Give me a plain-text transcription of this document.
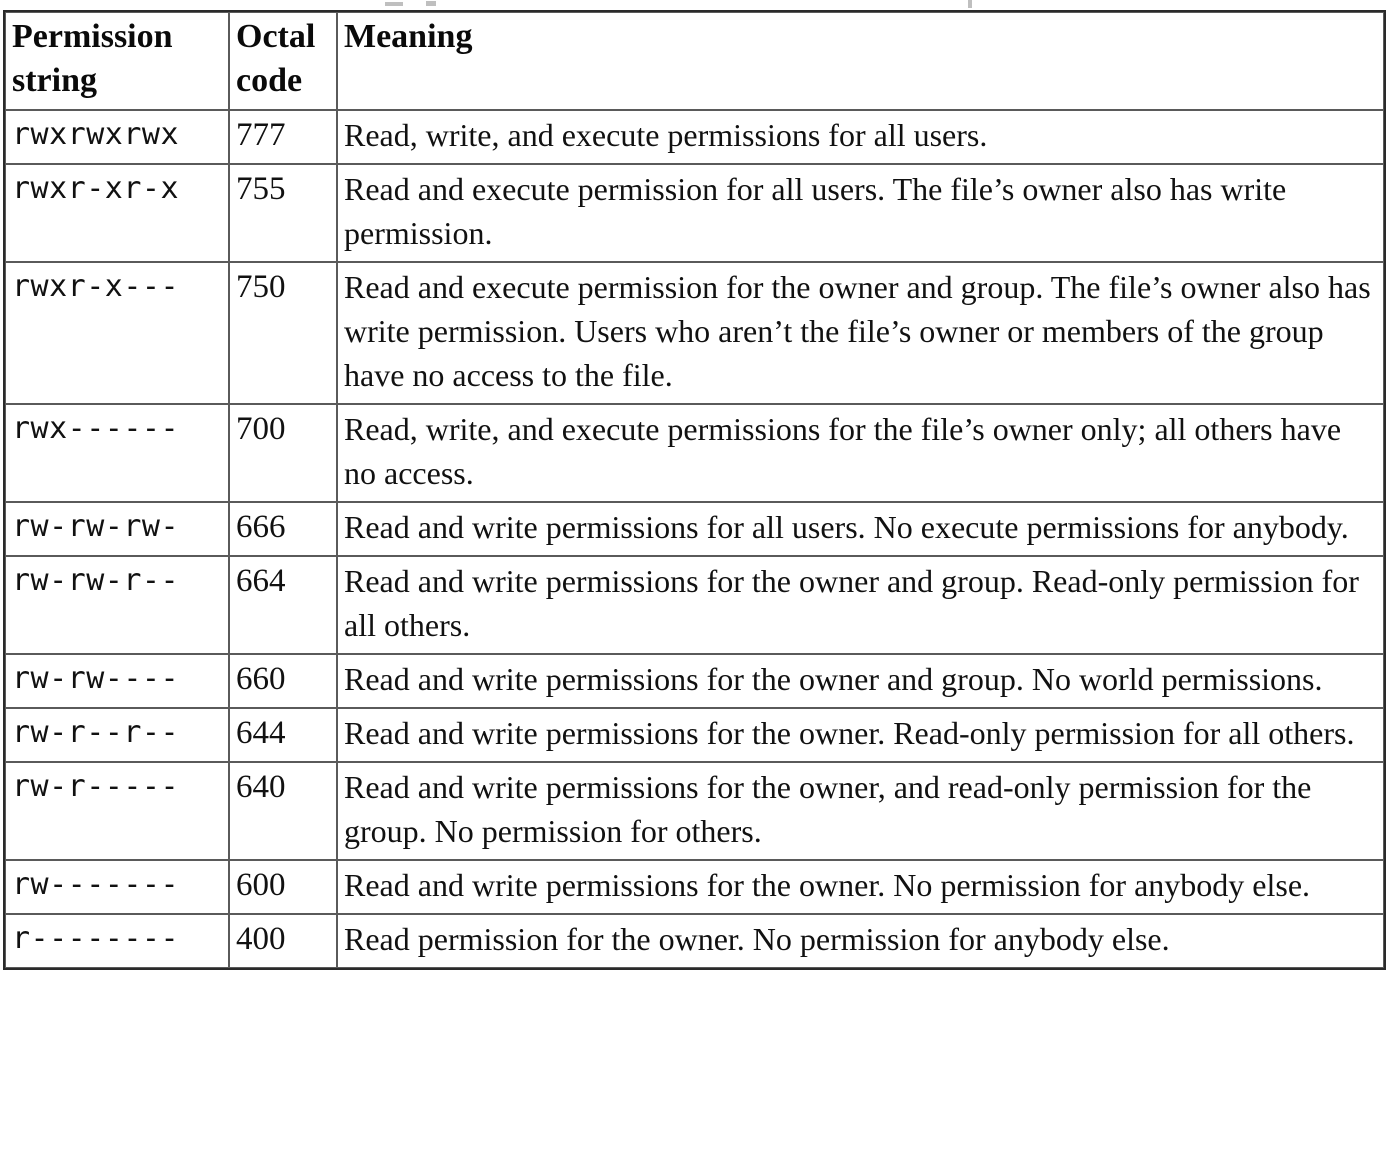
Permission string	Octal code	Meaning
rwxrwxrwx	777	Read, write, and execute permissions for all users.
rwxr-xr-x	755	Read and execute permission for all users. The file’s owner also has write permission.
rwxr-x---	750	Read and execute permission for the owner and group. The file’s owner also has write permission. Users who aren’t the file’s owner or members of the group have no access to the file.
rwx------	700	Read, write, and execute permissions for the file’s owner only; all others have no access.
rw-rw-rw-	666	Read and write permissions for all users. No execute permissions for anybody.
rw-rw-r--	664	Read and write permissions for the owner and group. Read-only permission for all others.
rw-rw----	660	Read and write permissions for the owner and group. No world permissions.
rw-r--r--	644	Read and write permissions for the owner. Read-only permission for all others.
rw-r-----	640	Read and write permissions for the owner, and read-only permission for the group. No permission for others.
rw-------	600	Read and write permissions for the owner. No permission for anybody else.
r--------	400	Read permission for the owner. No permission for anybody else.
